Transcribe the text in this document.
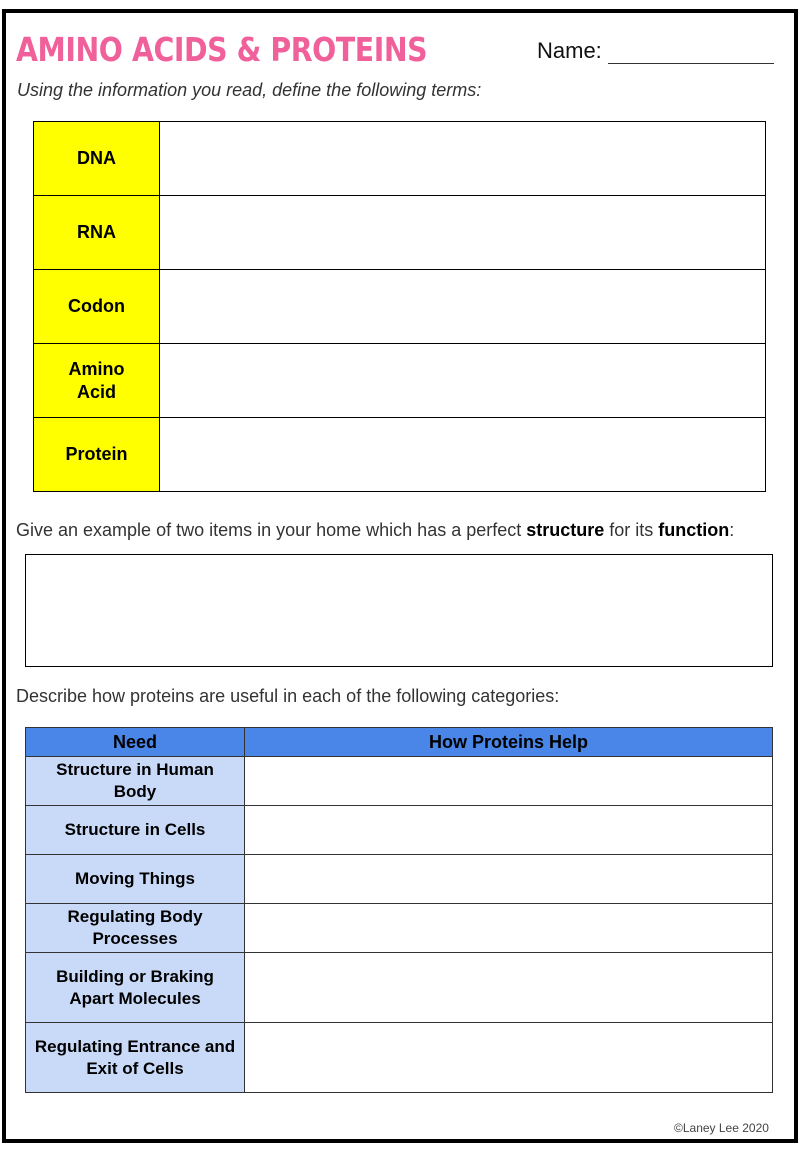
AMINO ACIDS & PROTEINS	Name:
Using the information you read, define the following terms:
DNA	
RNA	
Codon	
Amino Acid	
Protein	
Give an example of two items in your home which has a perfect structure for its function:
Describe how proteins are useful in each of the following categories:
Need	How Proteins Help
Structure in Human Body	
Structure in Cells	
Moving Things	
Regulating Body Processes	
Building or Braking Apart Molecules	
Regulating Entrance and Exit of Cells	
©Laney Lee 2020
